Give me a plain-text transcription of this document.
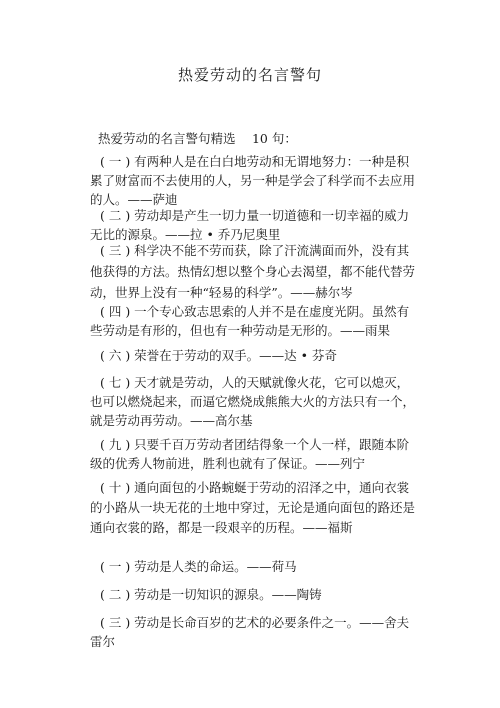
热爱劳动的名言警句
热爱劳动的名言警句精选　 10 句：

( 一 ) 有两种人是在白白地劳动和无谓地努力：一种是积累了财富而不去使用的人，另一种是学会了科学而不去应用的人。——萨迪

( 二 ) 劳动却是产生一切力量一切道德和一切幸福的威力无比的源泉。——拉 • 乔乃尼奥里

( 三 ) 科学决不能不劳而获，除了汗流满面而外，没有其他获得的方法。热情幻想以整个身心去渴望，都不能代替劳动，世界上没有一种“轻易的科学”。——赫尔岑

( 四 ) 一个专心致志思索的人并不是在虚度光阴。虽然有些劳动是有形的，但也有一种劳动是无形的。——雨果

( 六 ) 荣誉在于劳动的双手。——达 • 芬奇

( 七 ) 天才就是劳动，人的天赋就像火花，它可以熄灭，也可以燃烧起来，而逼它燃烧成熊熊大火的方法只有一个，就是劳动再劳动。——高尔基

( 九 ) 只要千百万劳动者团结得象一个人一样，跟随本阶级的优秀人物前进，胜利也就有了保证。——列宁

( 十 ) 通向面包的小路蜿蜒于劳动的沼泽之中，通向衣裳的小路从一块无花的土地中穿过，无论是通向面包的路还是通向衣裳的路，都是一段艰辛的历程。——福斯

( 一 ) 劳动是人类的命运。——荷马

( 二 ) 劳动是一切知识的源泉。——陶铸

( 三 ) 劳动是长命百岁的艺术的必要条件之一。——舍夫雷尔
